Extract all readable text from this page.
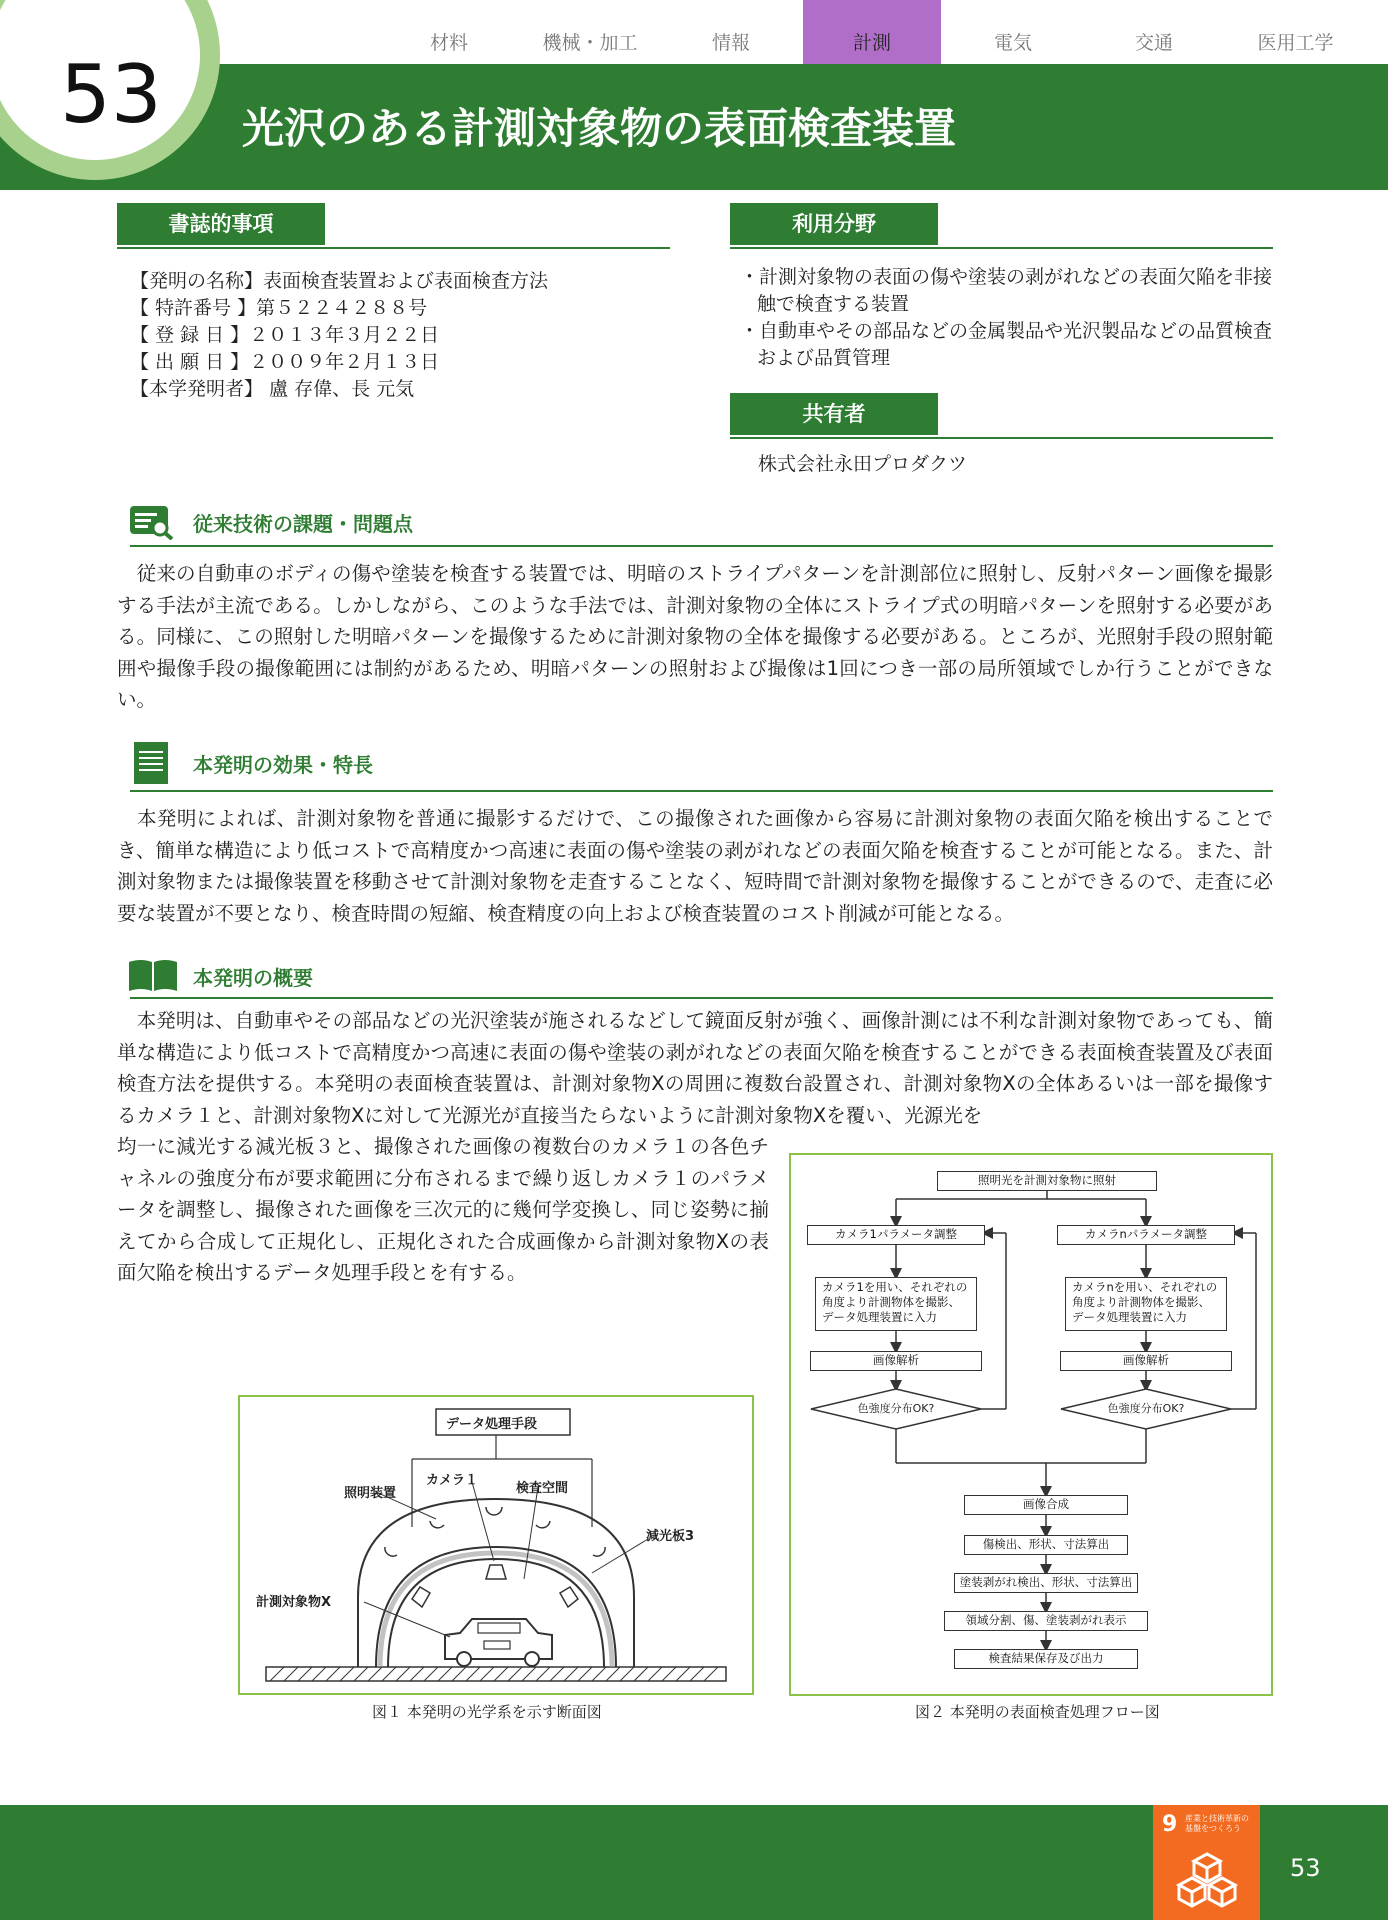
53 光沢のある計測対象物の表面検査装置
材料	機械・加工	情報	計測	電気	交通	医用工学
書誌的事項
【発明の名称】表面検査装置および表面検査方法
【 特許番号 】第５２２４２８８号
【 登 録 日 】２０１３年３月２２日
【 出 願 日 】２００９年２月１３日
【本学発明者】 盧 存偉、長 元気
利用分野
・計測対象物の表面の傷や塗装の剥がれなどの表面欠陥を非接触で検査する装置
・自動車やその部品などの金属製品や光沢製品などの品質検査および品質管理
共有者
株式会社永田プロダクツ
従来技術の課題・問題点
　従来の自動車のボディの傷や塗装を検査する装置では、明暗のストライプパターンを計測部位に照射し、反射パターン画像を撮影する手法が主流である。しかしながら、このような手法では、計測対象物の全体にストライプ式の明暗パターンを照射する必要がある。同様に、この照射した明暗パターンを撮像するために計測対象物の全体を撮像する必要がある。ところが、光照射手段の照射範囲や撮像手段の撮像範囲には制約があるため、明暗パターンの照射および撮像は1回につき一部の局所領域でしか行うことができない。
本発明の効果・特長
　本発明によれば、計測対象物を普通に撮影するだけで、この撮像された画像から容易に計測対象物の表面欠陥を検出することでき、簡単な構造により低コストで高精度かつ高速に表面の傷や塗装の剥がれなどの表面欠陥を検査することが可能となる。また、計測対象物または撮像装置を移動させて計測対象物を走査することなく、短時間で計測対象物を撮像することができるので、走査に必要な装置が不要となり、検査時間の短縮、検査精度の向上および検査装置のコスト削減が可能となる。
本発明の概要
　本発明は、自動車やその部品などの光沢塗装が施されるなどして鏡面反射が強く、画像計測には不利な計測対象物であっても、簡単な構造により低コストで高精度かつ高速に表面の傷や塗装の剥がれなどの表面欠陥を検査することができる表面検査装置及び表面検査方法を提供する。本発明の表面検査装置は、計測対象物Xの周囲に複数台設置され、計測対象物Xの全体あるいは一部を撮像するカメラ１と、計測対象物Xに対して光源光が直接当たらないように計測対象物Xを覆い、光源光を
均一に減光する減光板３と、撮像された画像の複数台のカメラ１の各色チャネルの強度分布が要求範囲に分布されるまで繰り返しカメラ１のパラメータを調整し、撮像された画像を三次元的に幾何学変換し、同じ姿勢に揃えてから合成して正規化し、正規化された合成画像から計測対象物Xの表面欠陥を検出するデータ処理手段とを有する。
データ処理手段
カメラ１
照明装置	検査空間
減光板3
計測対象物X
図１ 本発明の光学系を示す断面図
照明光を計測対象物に照射
カメラ1パラメータ調整	カメラnパラメータ調整
カメラ1を用い、それぞれの角度より計測物体を撮影、データ処理装置に入力
カメラnを用い、それぞれの角度より計測物体を撮影、データ処理装置に入力
画像解析	画像解析
色強度分布OK?	色強度分布OK?
画像合成
傷検出、形状、寸法算出
塗装剥がれ検出、形状、寸法算出
領域分割、傷、塗装剥がれ表示
検査結果保存及び出力
図２ 本発明の表面検査処理フロー図
9 産業と技術革新の基盤をつくろう
53
